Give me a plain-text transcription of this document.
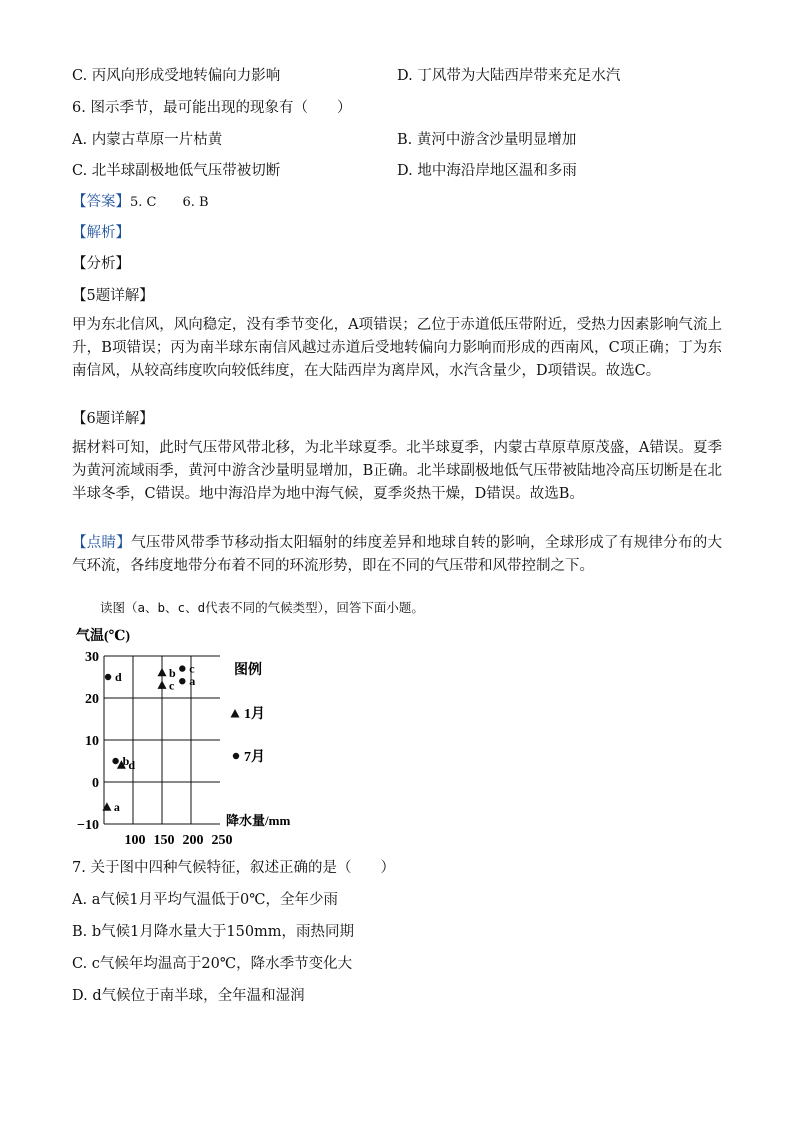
C. 丙风向形成受地转偏向力影响	D. 丁风带为大陆西岸带来充足水汽
6. 图示季节，最可能出现的现象有（　　）
A. 内蒙古草原一片枯黄	B. 黄河中游含沙量明显增加
C. 北半球副极地低气压带被切断	D. 地中海沿岸地区温和多雨
【答案】5. C　　6. B
【解析】
【分析】
【5题详解】

甲为东北信风，风向稳定，没有季节变化，A项错误；乙位于赤道低压带附近，受热力因素影响气流上升，B项错误；丙为南半球东南信风越过赤道后受地转偏向力影响而形成的西南风，C项正确；丁为东南信风，从较高纬度吹向较低纬度，在大陆西岸为离岸风，水汽含量少，D项错误。故选C。

【6题详解】

据材料可知，此时气压带风带北移，为北半球夏季。北半球夏季，内蒙古草原草原茂盛，A错误。夏季为黄河流域雨季，黄河中游含沙量明显增加，B正确。北半球副极地低气压带被陆地冷高压切断是在北半球冬季，C错误。地中海沿岸为地中海气候，夏季炎热干燥，D错误。故选B。

【点睛】气压带风带季节移动指太阳辐射的纬度差异和地球自转的影响，全球形成了有规律分布的大气环流，各纬度地带分布着不同的环流形势，即在不同的气压带和风带控制之下。

读图（a、b、c、d代表不同的气候类型），回答下面小题。
30
20
10
0
−10
100 150 200 250
a
b
c
d
a
b
c
d	图例
1月
7月
气温(℃)
降水量/mm
7. 关于图中四种气候特征，叙述正确的是（　　）
A. a气候1月平均气温低于0℃，全年少雨
B. b气候1月降水量大于150mm，雨热同期
C. c气候年均温高于20℃，降水季节变化大
D. d气候位于南半球，全年温和湿润
